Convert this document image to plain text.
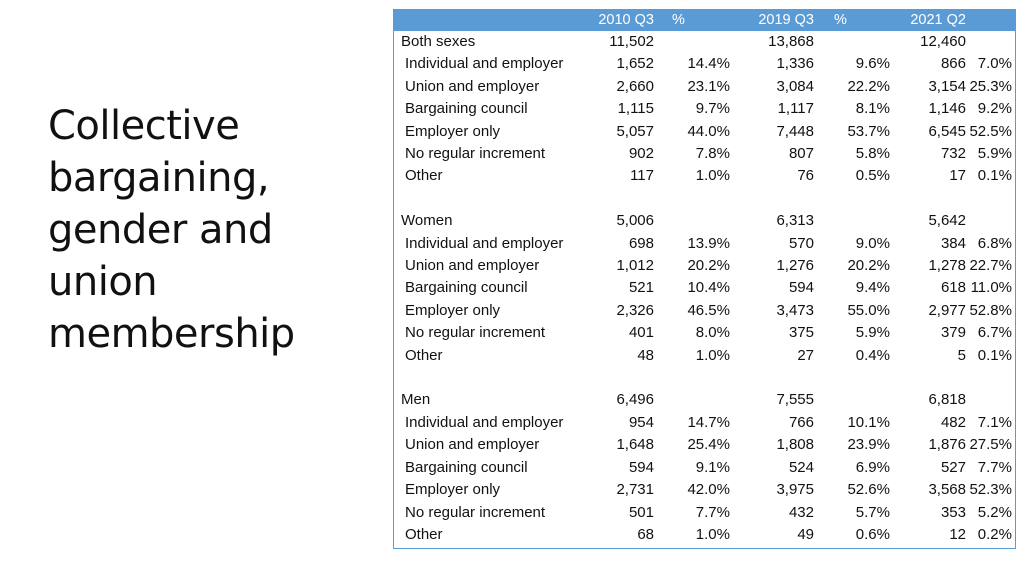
Collective
bargaining,
gender and
union
membership
	2010 Q3	%	2019 Q3	%	2021 Q2	
Both sexes	11,502		13,868		12,460	
Individual and employer	1,652	14.4%	1,336	9.6%	866	7.0%
Union and employer	2,660	23.1%	3,084	22.2%	3,154	25.3%
Bargaining council	1,115	9.7%	1,117	8.1%	1,146	9.2%
Employer only	5,057	44.0%	7,448	53.7%	6,545	52.5%
No regular increment	902	7.8%	807	5.8%	732	5.9%
Other	117	1.0%	76	0.5%	17	0.1%

Women	5,006		6,313		5,642	
Individual and employer	698	13.9%	570	9.0%	384	6.8%
Union and employer	1,012	20.2%	1,276	20.2%	1,278	22.7%
Bargaining council	521	10.4%	594	9.4%	618	11.0%
Employer only	2,326	46.5%	3,473	55.0%	2,977	52.8%
No regular increment	401	8.0%	375	5.9%	379	6.7%
Other	48	1.0%	27	0.4%	5	0.1%

Men	6,496		7,555		6,818	
Individual and employer	954	14.7%	766	10.1%	482	7.1%
Union and employer	1,648	25.4%	1,808	23.9%	1,876	27.5%
Bargaining council	594	9.1%	524	6.9%	527	7.7%
Employer only	2,731	42.0%	3,975	52.6%	3,568	52.3%
No regular increment	501	7.7%	432	5.7%	353	5.2%
Other	68	1.0%	49	0.6%	12	0.2%
